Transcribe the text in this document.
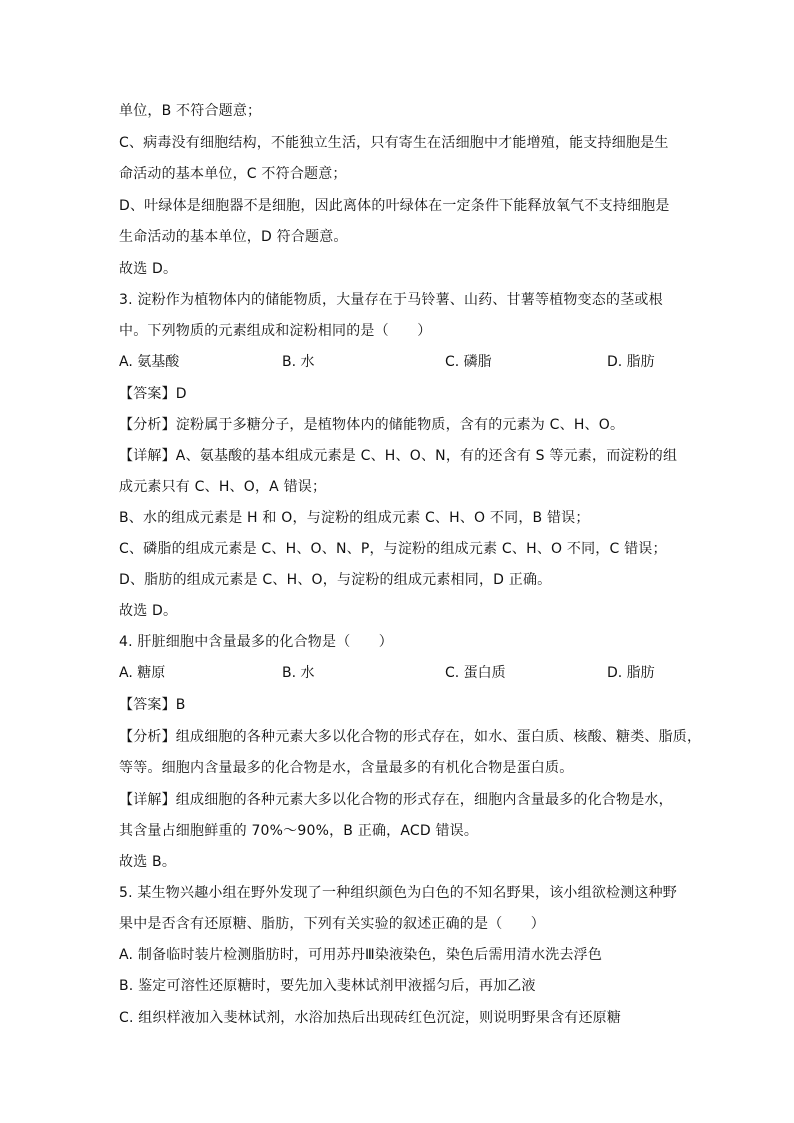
单位，B 不符合题意；
C、病毒没有细胞结构，不能独立生活，只有寄生在活细胞中才能增殖，能支持细胞是生
命活动的基本单位，C 不符合题意；
D、叶绿体是细胞器不是细胞，因此离体的叶绿体在一定条件下能释放氧气不支持细胞是
生命活动的基本单位，D 符合题意。
故选 D。
3. 淀粉作为植物体内的储能物质，大量存在于马铃薯、山药、甘薯等植物变态的茎或根
中。下列物质的元素组成和淀粉相同的是（　　）
A. 氨基酸	B. 水	C. 磷脂	D. 脂肪
【答案】D
【分析】淀粉属于多糖分子，是植物体内的储能物质，含有的元素为 C、H、O。
【详解】A、氨基酸的基本组成元素是 C、H、O、N，有的还含有 S 等元素，而淀粉的组
成元素只有 C、H、O，A 错误；
B、水的组成元素是 H 和 O，与淀粉的组成元素 C、H、O 不同，B 错误；
C、磷脂的组成元素是 C、H、O、N、P，与淀粉的组成元素 C、H、O 不同，C 错误；
D、脂肪的组成元素是 C、H、O，与淀粉的组成元素相同，D 正确。
故选 D。
4. 肝脏细胞中含量最多的化合物是（　　）
A. 糖原	B. 水	C. 蛋白质	D. 脂肪
【答案】B
【分析】组成细胞的各种元素大多以化合物的形式存在，如水、蛋白质、核酸、糖类、脂质，
等等。细胞内含量最多的化合物是水，含量最多的有机化合物是蛋白质。
【详解】组成细胞的各种元素大多以化合物的形式存在，细胞内含量最多的化合物是水，
其含量占细胞鲜重的 70%～90%，B 正确，ACD 错误。
故选 B。
5. 某生物兴趣小组在野外发现了一种组织颜色为白色的不知名野果，该小组欲检测这种野
果中是否含有还原糖、脂肪，下列有关实验的叙述正确的是（　　）
A. 制备临时装片检测脂肪时，可用苏丹Ⅲ染液染色，染色后需用清水洗去浮色
B. 鉴定可溶性还原糖时，要先加入斐林试剂甲液摇匀后，再加乙液
C. 组织样液加入斐林试剂，水浴加热后出现砖红色沉淀，则说明野果含有还原糖
